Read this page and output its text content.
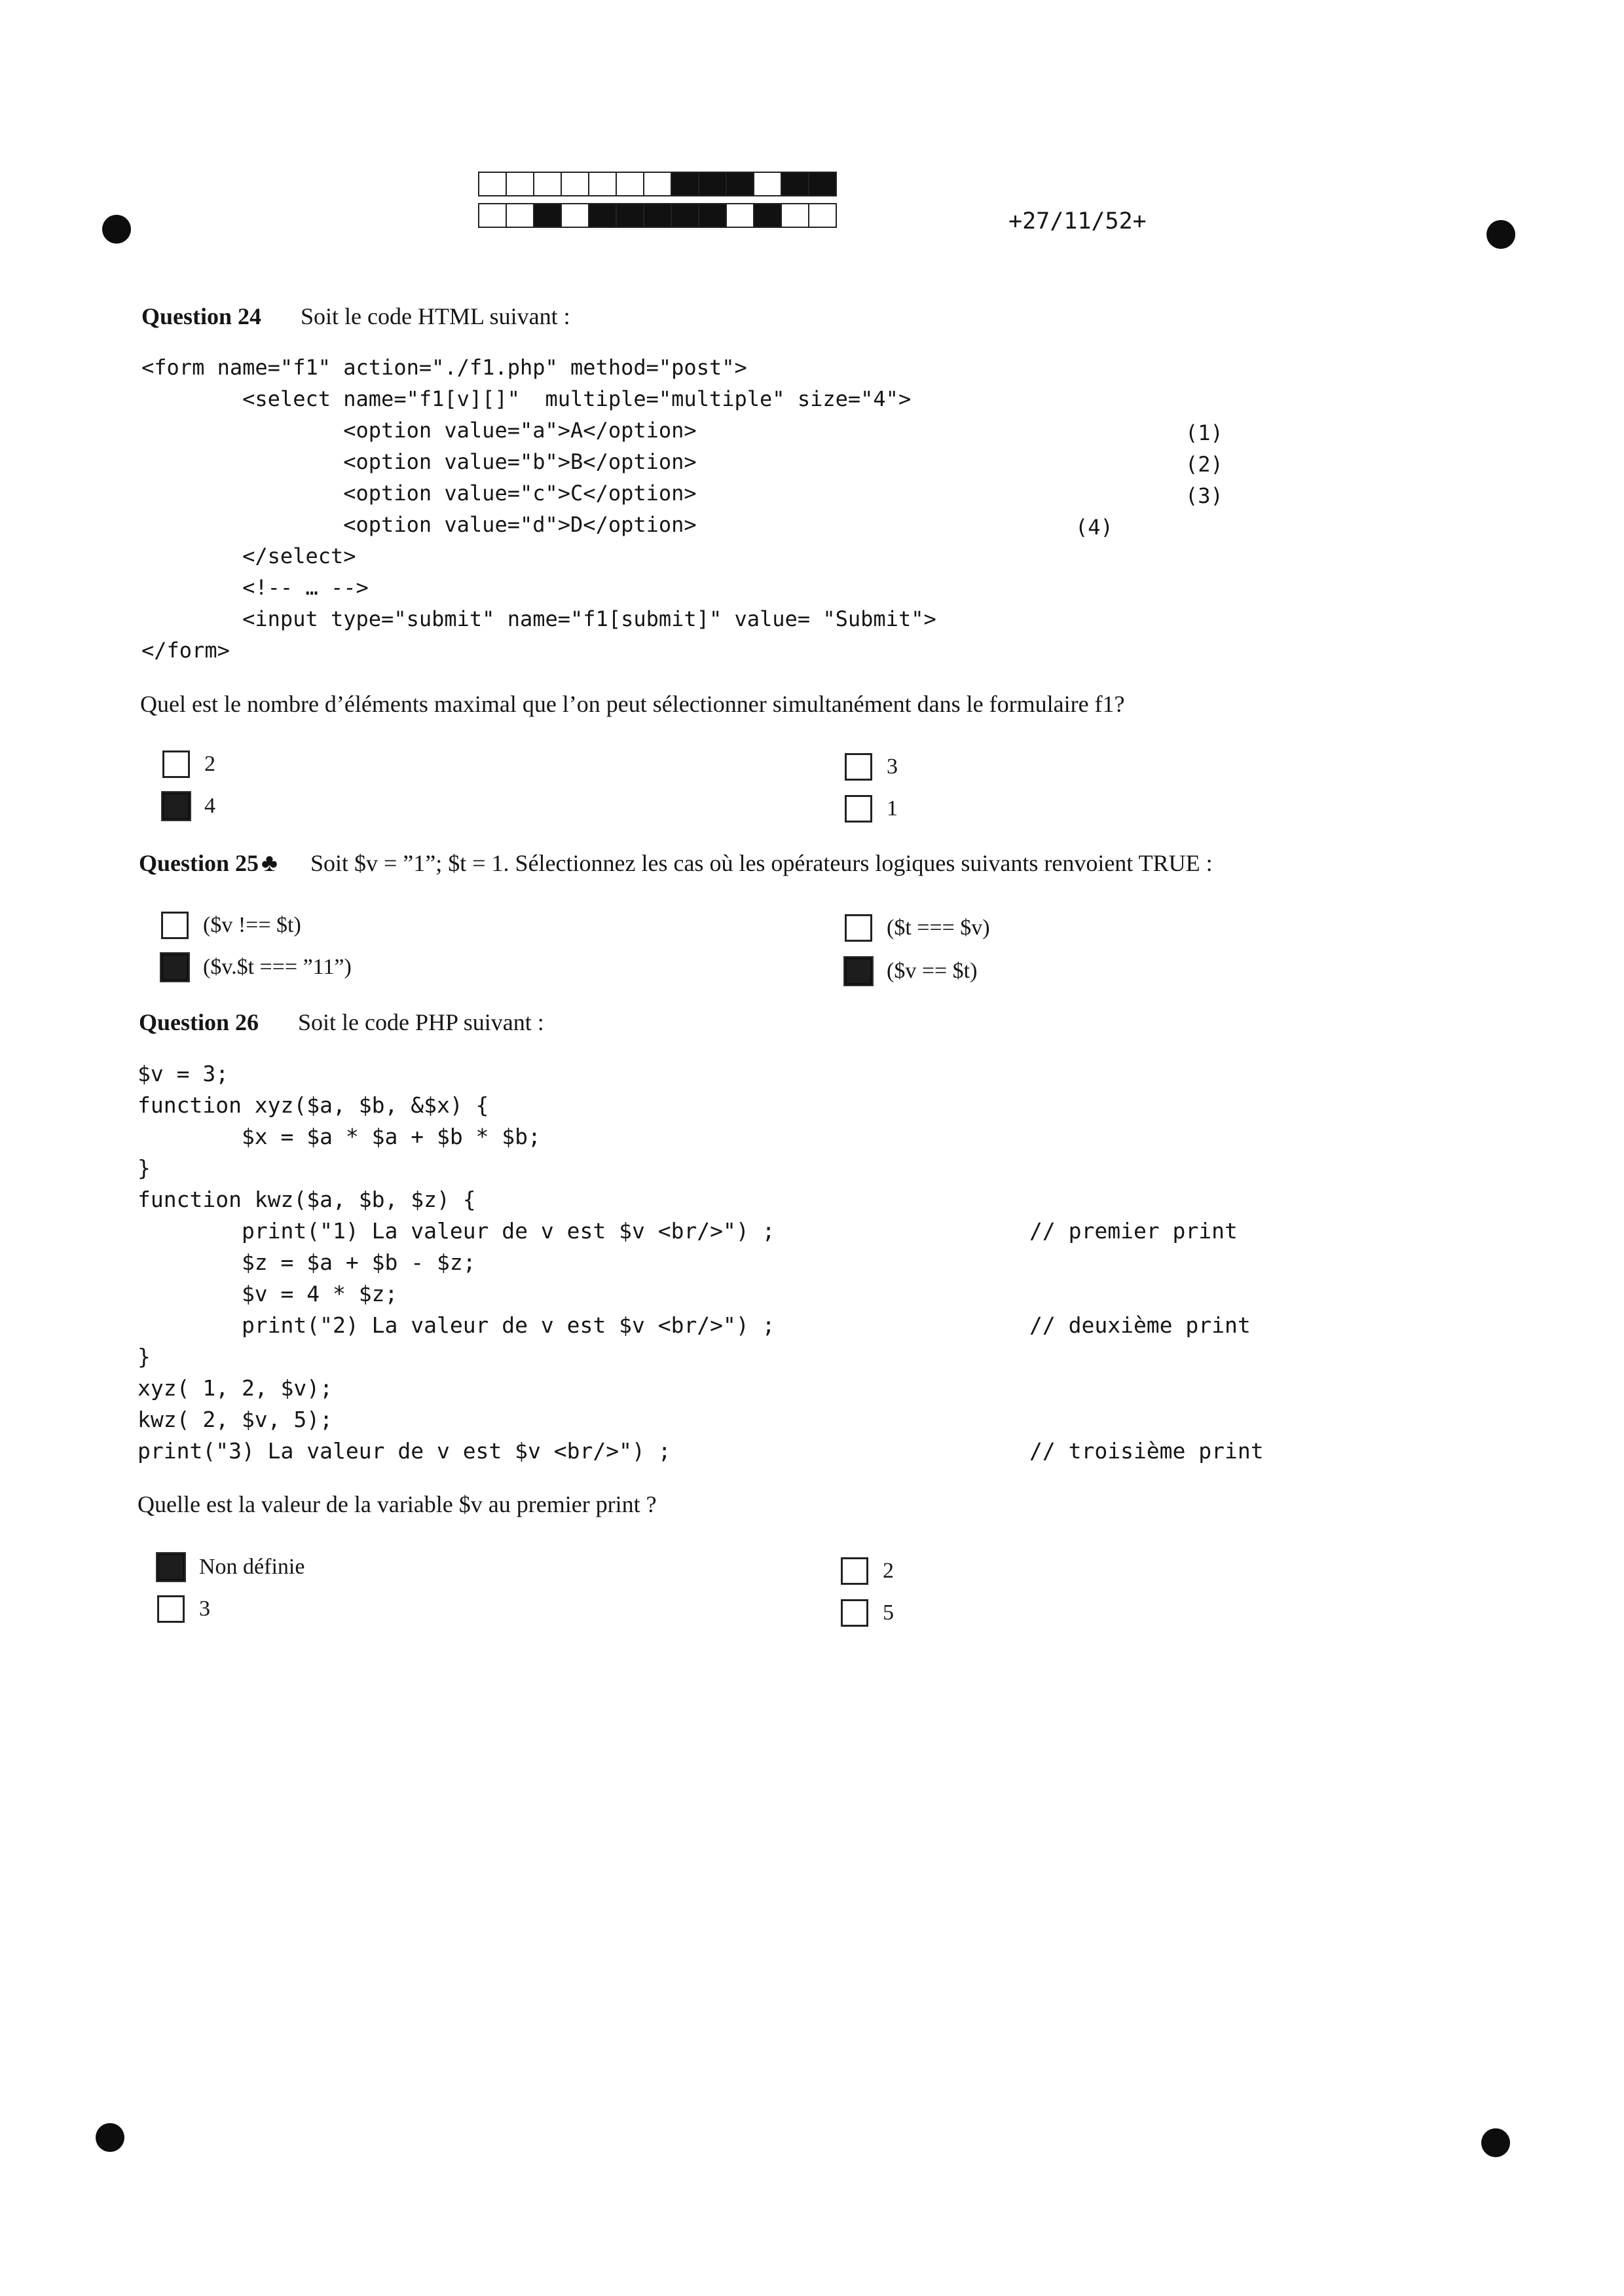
+27/11/52+
Question 24 Soit le code HTML suivant :

<form name="f1" action="./f1.php" method="post">

<select name="f1[v][]"  multiple="multiple" size="4">

<option value="a">A</option>

<option value="b">B</option>

<option value="c">C</option>

<option value="d">D</option>

</select>

<!-- … -->

<input type="submit" name="f1[submit]" value= "Submit">

</form>

(1)
(2)
(3)
(4)
Quel est le nombre d’éléments maximal que l’on peut sélectionner simultanément dans le formulaire f1?
2
4
3
1
Question 25 ♣ Soit $v = ”1”; $t = 1. Sélectionnez les cas où les opérateurs logiques suivants renvoient TRUE :
($v !== $t)
($v.$t === ”11”)
($t === $v)
($v == $t)
Question 26 Soit le code PHP suivant :

$v = 3;

function xyz($a, $b, &$x) {

$x = $a * $a + $b * $b;

}

function kwz($a, $b, $z) {

print("1) La valeur de v est $v <br/>") ;

$z = $a + $b - $z;

$v = 4 * $z;

print("2) La valeur de v est $v <br/>") ;

}

xyz( 1, 2, $v);

kwz( 2, $v, 5);

print("3) La valeur de v est $v <br/>") ;

// premier print
// deuxième print
// troisième print
Quelle est la valeur de la variable $v au premier print ?
Non définie
3
2
5
